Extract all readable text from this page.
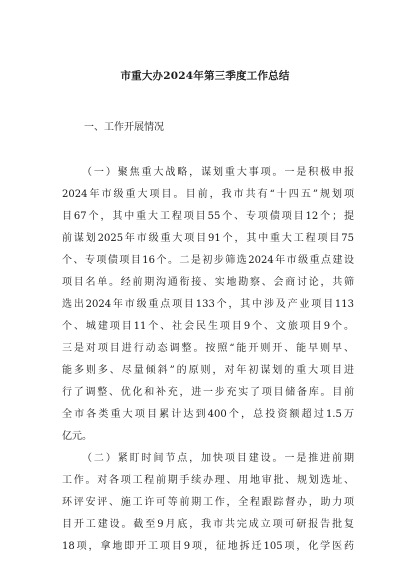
市重大办2024年第三季度工作总结
一、工作开展情况
（一）聚焦重大战略，谋划重大事项。一是积极申报
2024年市级重大项目。目前，我市共有“十四五”规划项
目67个，其中重大工程项目55个、专项债项目12个；提
前谋划2025年市级重大项目91个，其中重大工程项目75
个、专项债项目16个。二是初步筛选2024年市级重点建设
项目名单。经前期沟通衔接、实地勘察、会商讨论，共筛
选出2024年市级重点项目133个，其中涉及产业项目113
个、城建项目11个、社会民生项目9个、文旅项目9个。
三是对项目进行动态调整。按照“能开则开、能早则早、
能多则多、尽量倾斜”的原则，对年初谋划的重大项目进
行了调整、优化和补充，进一步充实了项目储备库。目前
全市各类重大项目累计达到400个，总投资额超过1.5万
亿元。
（二）紧盯时间节点，加快项目建设。一是推进前期
工作。对各项工程前期手续办理、用地审批、规划选址、
环评安评、施工许可等前期工作，全程跟踪督办，助力项
目开工建设。截至9月底，我市共完成立项可研报告批复
18项，拿地即开工项目9项，征地拆迁105项，化学医药
